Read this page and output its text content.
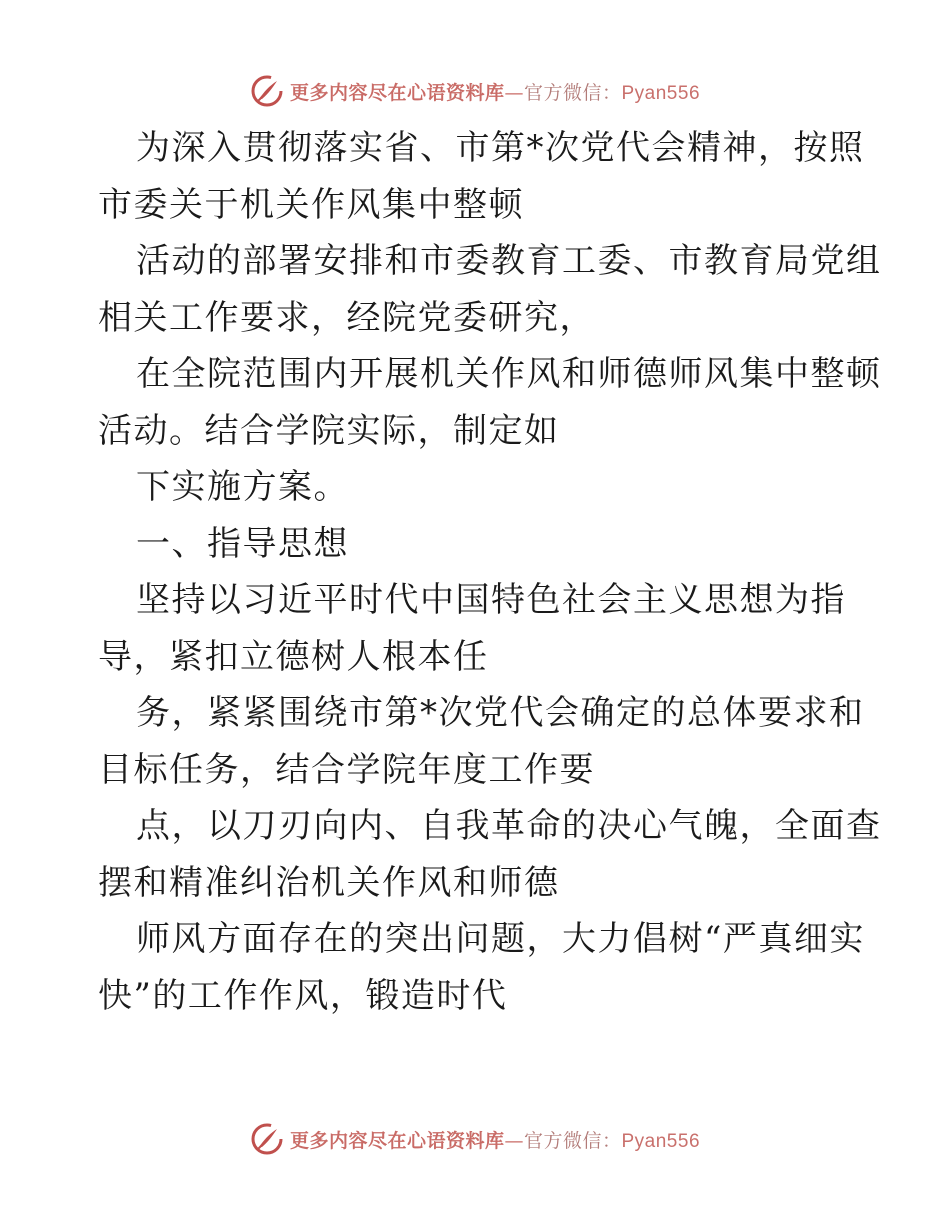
更多内容尽在心语资料库—官方微信：Pyan556
为深入贯彻落实省、市第*次党代会精神，按照
市委关于机关作风集中整顿
活动的部署安排和市委教育工委、市教育局党组
相关工作要求，经院党委研究，
在全院范围内开展机关作风和师德师风集中整顿
活动。结合学院实际，制定如
下实施方案。
一、指导思想
坚持以习近平时代中国特色社会主义思想为指
导，紧扣立德树人根本任
务，紧紧围绕市第*次党代会确定的总体要求和
目标任务，结合学院年度工作要
点，以刀刃向内、自我革命的决心气魄，全面查
摆和精准纠治机关作风和师德
师风方面存在的突出问题，大力倡树“严真细实
快”的工作作风，锻造时代
更多内容尽在心语资料库—官方微信：Pyan556
